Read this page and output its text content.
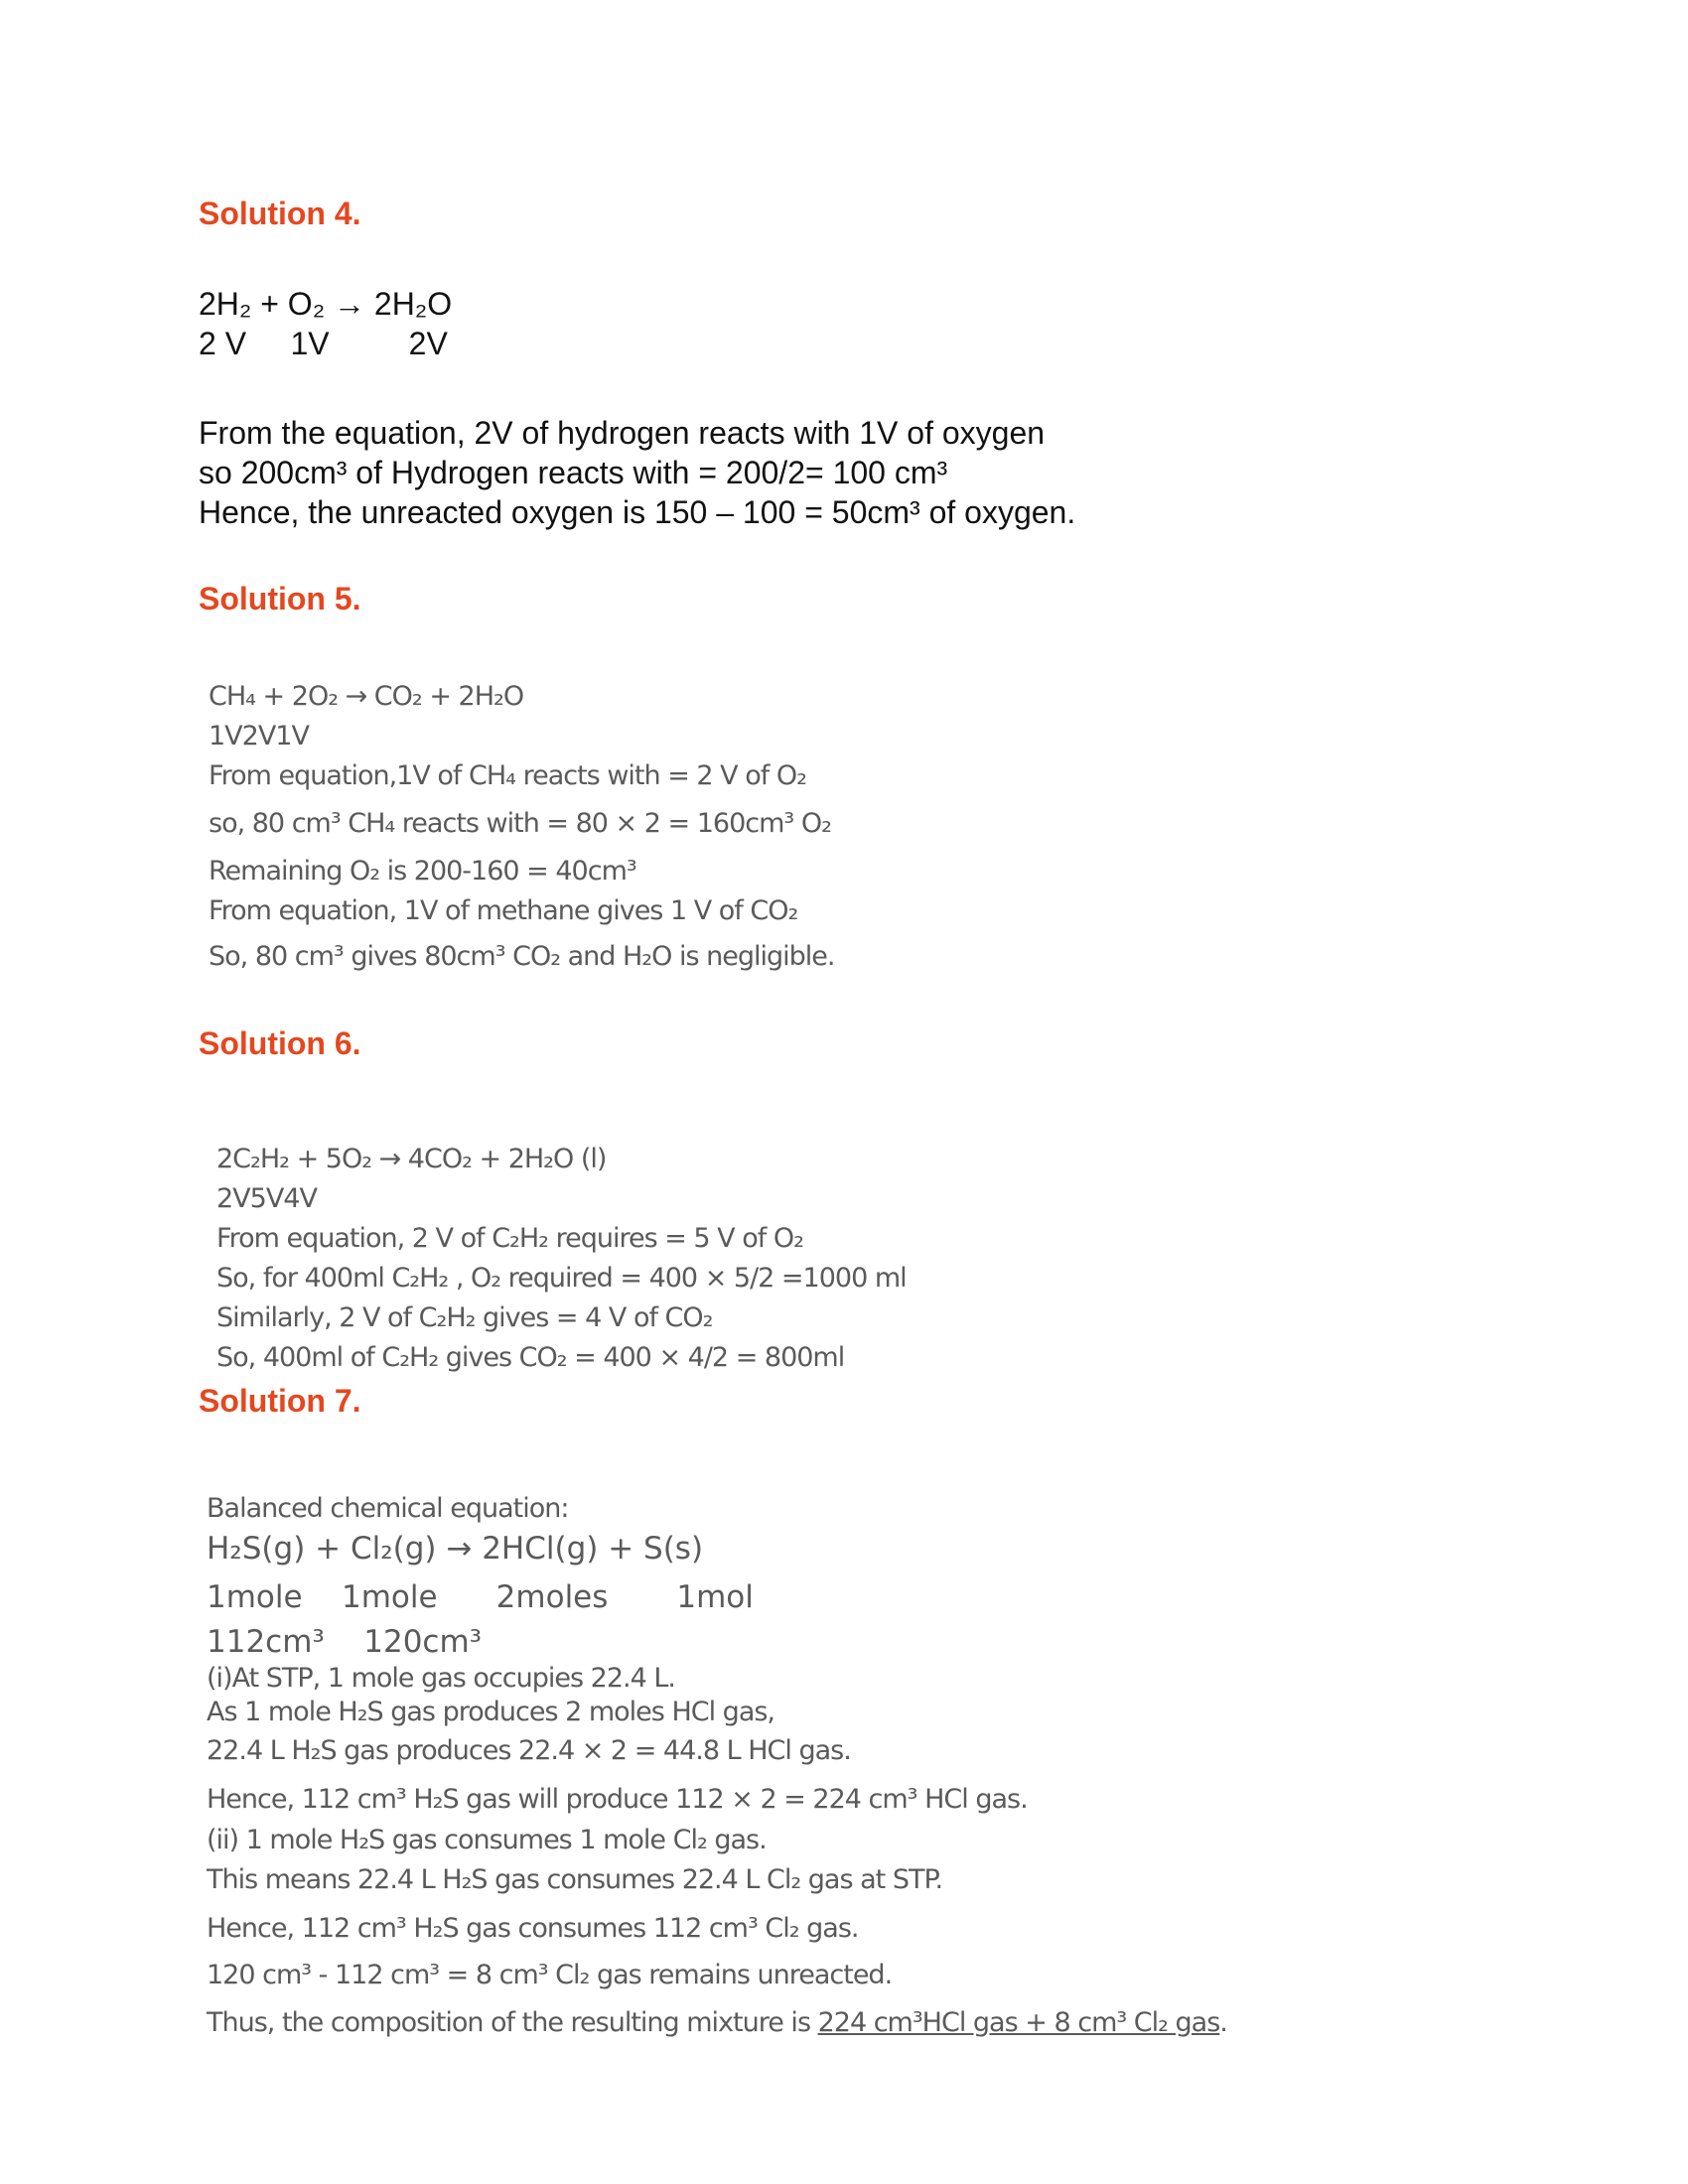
Solution 4.
2H₂ + O₂ → 2H₂O
2 V     1V         2V
From the equation, 2V of hydrogen reacts with 1V of oxygen
so 200cm³ of Hydrogen reacts with = 200/2= 100 cm³
Hence, the unreacted oxygen is 150 – 100 = 50cm³ of oxygen.
Solution 5.
CH₄ + 2O₂ → CO₂ + 2H₂O
1V2V1V
From equation,1V of CH₄ reacts with = 2 V of O₂
so, 80 cm³ CH₄ reacts with = 80 × 2 = 160cm³ O₂
Remaining O₂ is 200-160 = 40cm³
From equation, 1V of methane gives 1 V of CO₂
So, 80 cm³ gives 80cm³ CO₂ and H₂O is negligible.
Solution 6.
2C₂H₂ + 5O₂ → 4CO₂ + 2H₂O (l)
2V5V4V
From equation, 2 V of C₂H₂ requires = 5 V of O₂
So, for 400ml C₂H₂ , O₂ required = 400 × 5/2 =1000 ml
Similarly, 2 V of C₂H₂ gives = 4 V of CO₂
So, 400ml of C₂H₂ gives CO₂ = 400 × 4/2 = 800ml
Solution 7.
Balanced chemical equation:
H₂S(g) + Cl₂(g) → 2HCl(g) + S(s)
1mole    1mole      2moles       1mol
112cm³    120cm³
(i)At STP, 1 mole gas occupies 22.4 L.
As 1 mole H₂S gas produces 2 moles HCl gas,
22.4 L H₂S gas produces 22.4 × 2 = 44.8 L HCl gas.
Hence, 112 cm³ H₂S gas will produce 112 × 2 = 224 cm³ HCl gas.
(ii) 1 mole H₂S gas consumes 1 mole Cl₂ gas.
This means 22.4 L H₂S gas consumes 22.4 L Cl₂ gas at STP.
Hence, 112 cm³ H₂S gas consumes 112 cm³ Cl₂ gas.
120 cm³ - 112 cm³ = 8 cm³ Cl₂ gas remains unreacted.
Thus, the composition of the resulting mixture is 224 cm³HCl gas + 8 cm³ Cl₂ gas.
